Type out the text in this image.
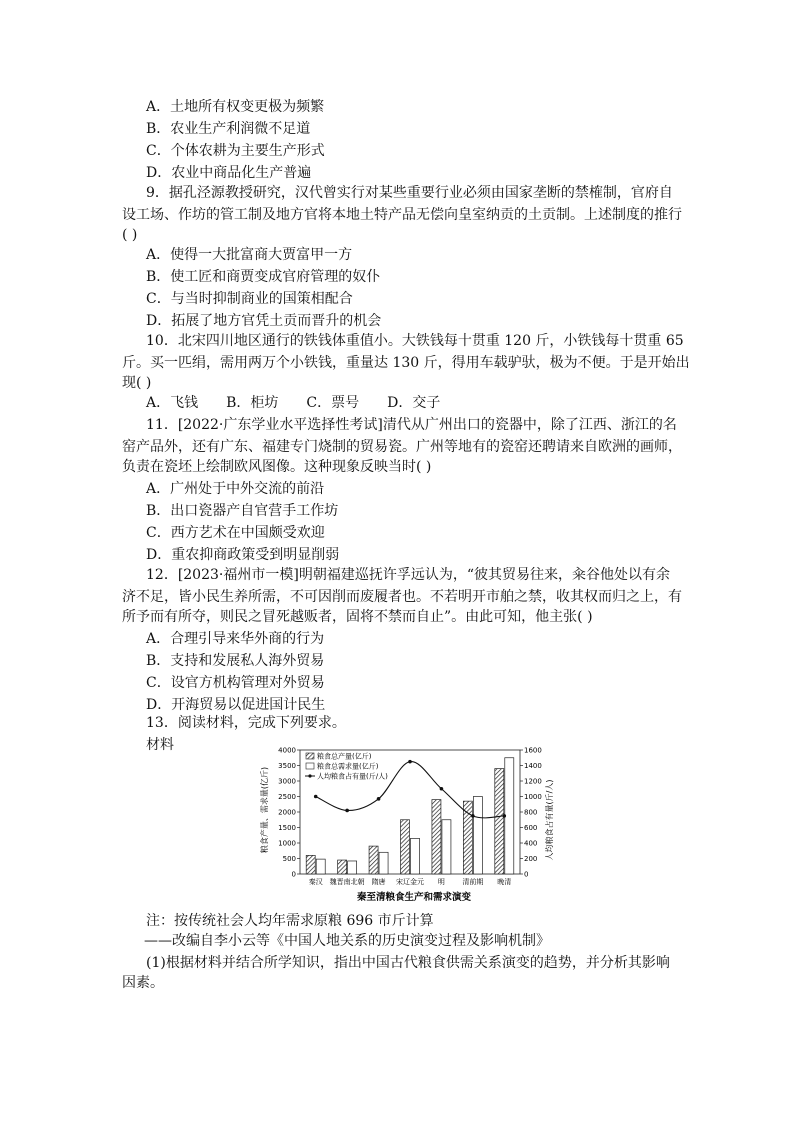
A．土地所有权变更极为频繁
B．农业生产利润微不足道
C．个体农耕为主要生产形式
D．农业中商品化生产普遍
9．据孔泾源教授研究，汉代曾实行对某些重要行业必须由国家垄断的禁榷制，官府自
设工场、作坊的管工制及地方官将本地土特产品无偿向皇室纳贡的土贡制。上述制度的推行
( )
A．使得一大批富商大贾富甲一方
B．使工匠和商贾变成官府管理的奴仆
C．与当时抑制商业的国策相配合
D．拓展了地方官凭土贡而晋升的机会
10．北宋四川地区通行的铁钱体重值小。大铁钱每十贯重 120 斤，小铁钱每十贯重 65
斤。买一匹绢，需用两万个小铁钱，重量达 130 斤，得用车载驴驮，极为不便。于是开始出
现( )
A．飞钱　　B．柜坊　　C．票号　　D．交子
11．[2022·广东学业水平选择性考试]清代从广州出口的瓷器中，除了江西、浙江的名
窑产品外，还有广东、福建专门烧制的贸易瓷。广州等地有的瓷窑还聘请来自欧洲的画师，
负责在瓷坯上绘制欧风图像。这种现象反映当时( )
A．广州处于中外交流的前沿
B．出口瓷器产自官营手工作坊
C．西方艺术在中国颇受欢迎
D．重农抑商政策受到明显削弱
12．[2023·福州市一模]明朝福建巡抚许孚远认为，“彼其贸易往来，籴谷他处以有余
济不足，皆小民生养所需，不可因削而废履者也。不若明开市舶之禁，收其权而归之上，有
所予而有所夺，则民之冒死越贩者，固将不禁而自止”。由此可知，他主张( )
A．合理引导来华外商的行为
B．支持和发展私人海外贸易
C．设官方机构管理对外贸易
D．开海贸易以促进国计民生
13．阅读材料，完成下列要求。
材料
0
500
1000
1500
2000
2500
3000
3500
4000
0
200
400
600
800
1000
1200
1400
1600
秦汉 魏晋南北朝 隋唐 宋辽金元 明 清前期 晚清
粮食总产量(亿斤)
粮食总需求量(亿斤)
人均粮食占有量(斤/人)
粮食产量、需求量(亿斤)	人均粮食占有量(斤/人)
秦至清粮食生产和需求演变
注：按传统社会人均年需求原粮 696 市斤计算
——改编自李小云等《中国人地关系的历史演变过程及影响机制》
(1)根据材料并结合所学知识，指出中国古代粮食供需关系演变的趋势，并分析其影响
因素。
